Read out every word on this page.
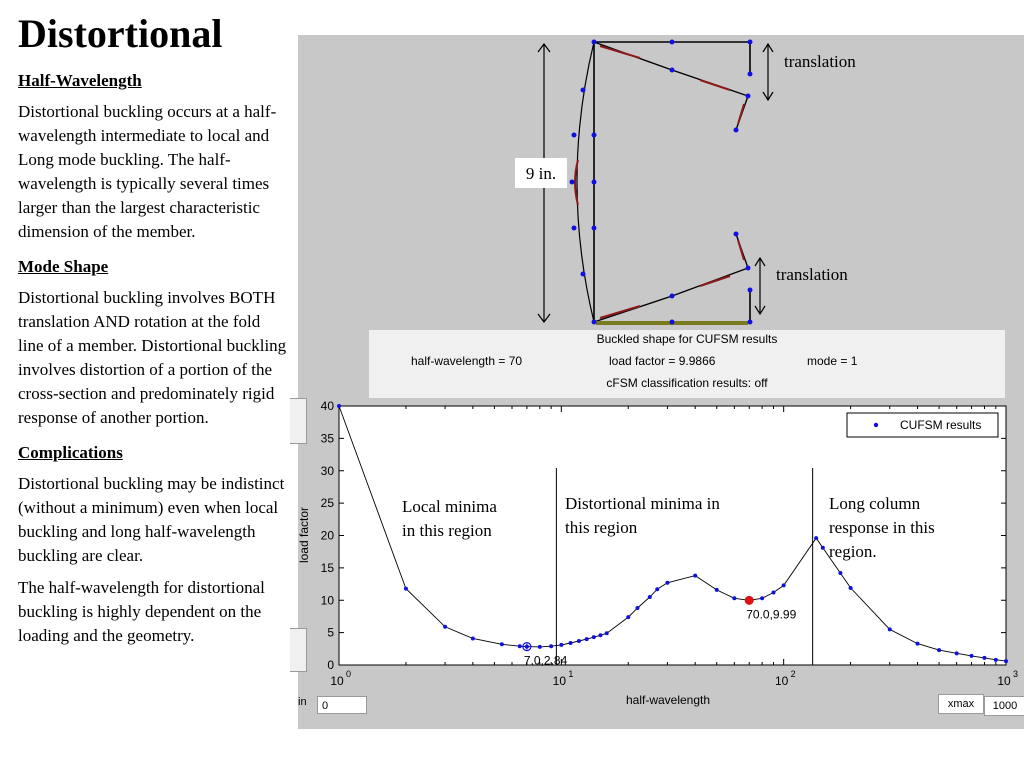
Distortional
Half-Wavelength
Distortional buckling occurs at a half-wavelength intermediate to local and Long mode buckling. The half-wavelength is typically several times larger than the largest characteristic dimension of the member.
Mode Shape
Distortional buckling involves BOTH translation AND rotation at the fold line of a member. Distortional buckling involves distortion of a portion of the cross-section and predominately rigid response of another portion.
Complications
Distortional buckling may be indistinct (without a minimum) even when local buckling and long half-wavelength buckling are clear.
The half-wavelength for distortional buckling is highly dependent on the loading and the geometry.
9 in.
translation
translation
Buckled shape for CUFSM results
half-wavelength = 70	load factor = 9.9866	mode = 1
cFSM classification results: off
0
5
10
15
20
25
30
35
40
10 0	10 1	10 2	10 3
7.0,2.84
70.0,9.99
Local minima
in this region
Distortional minima in
this region
Long column
response in this
region.
half-wavelength
load factor
CUFSM results
in	0	xmax	1000
